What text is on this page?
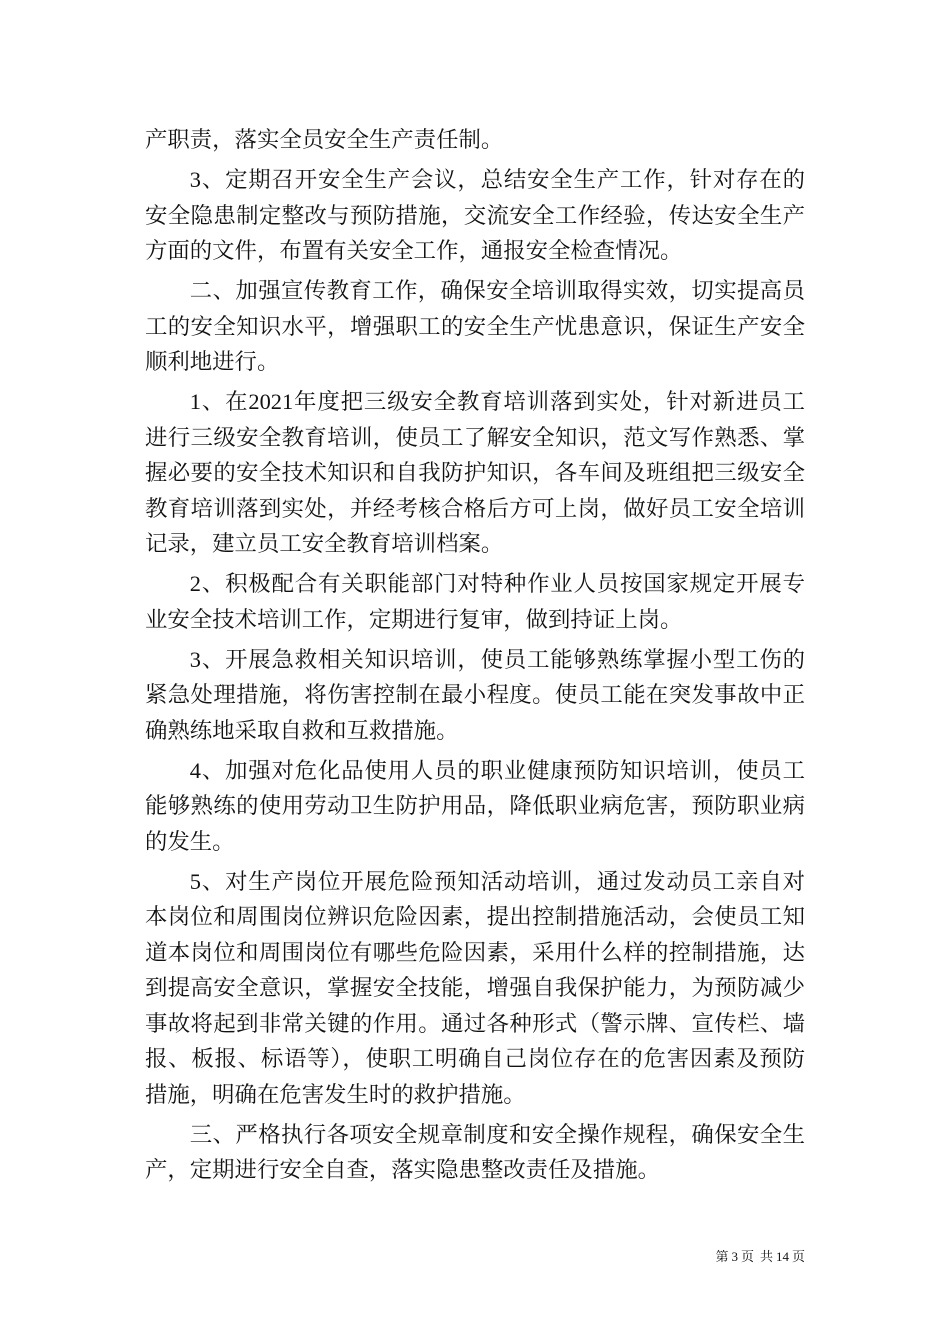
产职责，落实全员安全生产责任制。
3、定期召开安全生产会议，总结安全生产工作，针对存在的
安全隐患制定整改与预防措施，交流安全工作经验，传达安全生产
方面的文件，布置有关安全工作，通报安全检查情况。
二、加强宣传教育工作，确保安全培训取得实效，切实提高员
工的安全知识水平，增强职工的安全生产忧患意识，保证生产安全
顺利地进行。
1、在2021年度把三级安全教育培训落到实处，针对新进员工
进行三级安全教育培训，使员工了解安全知识，范文写作熟悉、掌
握必要的安全技术知识和自我防护知识，各车间及班组把三级安全
教育培训落到实处，并经考核合格后方可上岗，做好员工安全培训
记录，建立员工安全教育培训档案。
2、积极配合有关职能部门对特种作业人员按国家规定开展专
业安全技术培训工作，定期进行复审，做到持证上岗。
3、开展急救相关知识培训，使员工能够熟练掌握小型工伤的
紧急处理措施，将伤害控制在最小程度。使员工能在突发事故中正
确熟练地采取自救和互救措施。
4、加强对危化品使用人员的职业健康预防知识培训，使员工
能够熟练的使用劳动卫生防护用品，降低职业病危害，预防职业病
的发生。
5、对生产岗位开展危险预知活动培训，通过发动员工亲自对
本岗位和周围岗位辨识危险因素，提出控制措施活动，会使员工知
道本岗位和周围岗位有哪些危险因素，采用什么样的控制措施，达
到提高安全意识，掌握安全技能，增强自我保护能力，为预防减少
事故将起到非常关键的作用。通过各种形式（警示牌、宣传栏、墙
报、板报、标语等），使职工明确自己岗位存在的危害因素及预防
措施，明确在危害发生时的救护措施。
三、严格执行各项安全规章制度和安全操作规程，确保安全生
产，定期进行安全自查，落实隐患整改责任及措施。
第 3 页 共 14 页
